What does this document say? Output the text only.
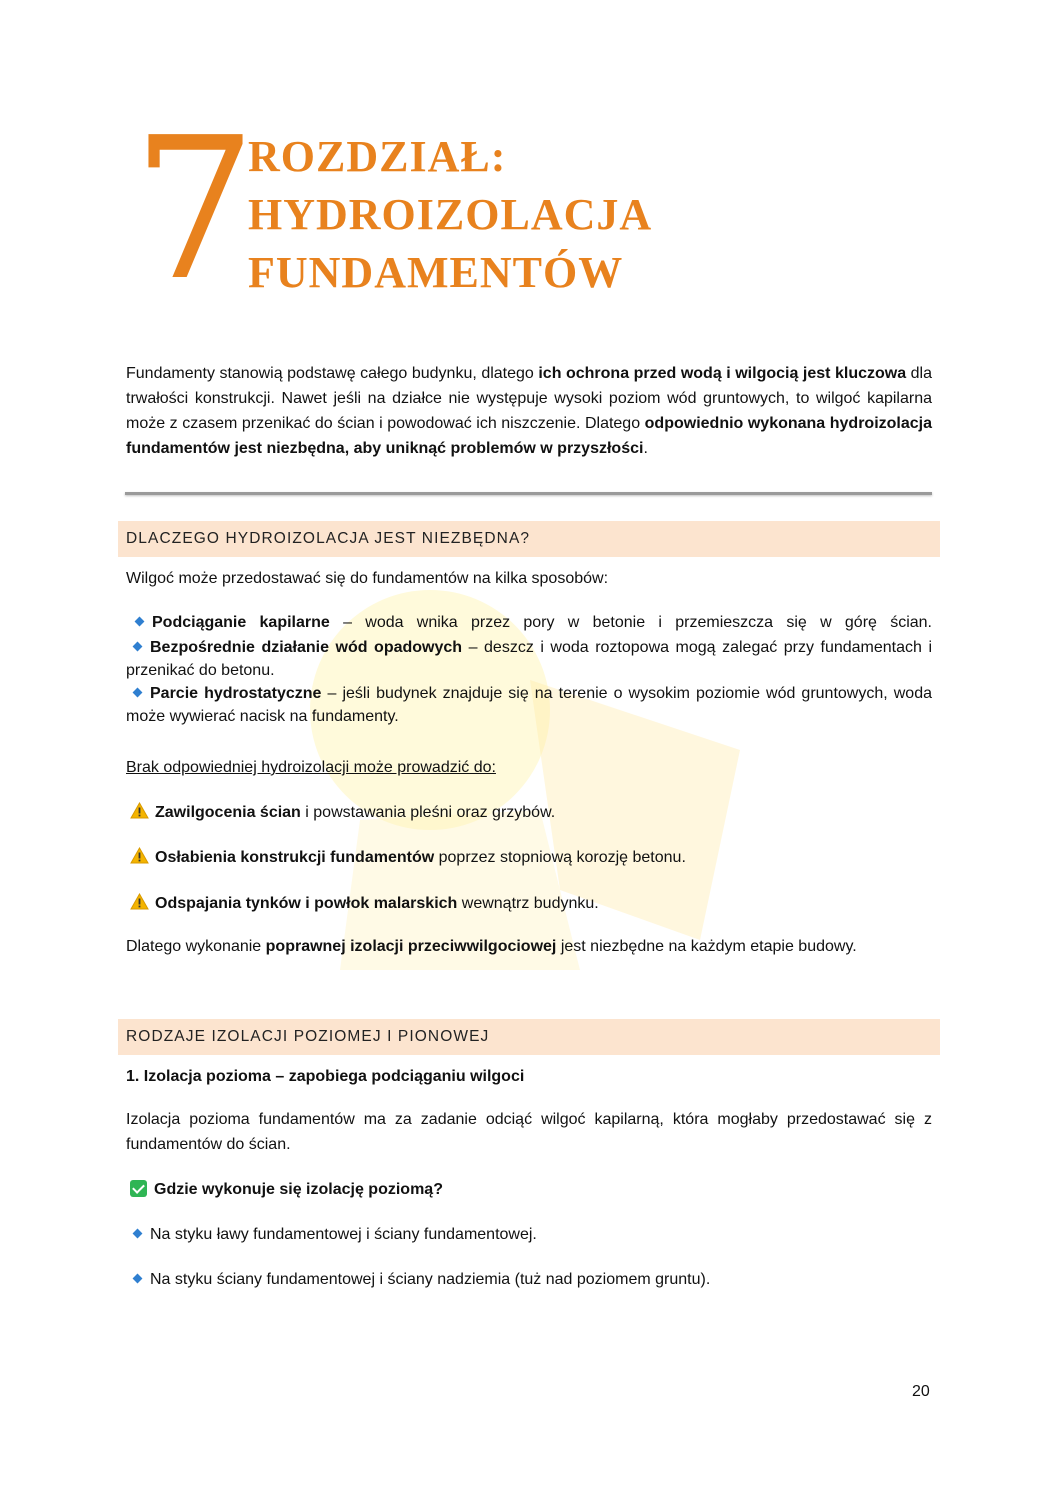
7
ROZDZIAŁ:
HYDROIZOLACJA
FUNDAMENTÓW
Fundamenty stanowią podstawę całego budynku, dlatego ich ochrona przed wodą i wilgocią jest kluczowa dla trwałości konstrukcji. Nawet jeśli na działce nie występuje wysoki poziom wód gruntowych, to wilgoć kapilarna może z czasem przenikać do ścian i powodować ich niszczenie. Dlatego odpowiednio wykonana hydroizolacja fundamentów jest niezbędna, aby uniknąć problemów w przyszłości.
DLACZEGO HYDROIZOLACJA JEST NIEZBĘDNA?
Wilgoć może przedostawać się do fundamentów na kilka sposobów:
Podciąganie kapilarne – woda wnika przez pory w betonie i przemieszcza się w górę ścian.
Bezpośrednie działanie wód opadowych – deszcz i woda roztopowa mogą zalegać przy fundamentach i przenikać do betonu.
Parcie hydrostatyczne – jeśli budynek znajduje się na terenie o wysokim poziomie wód gruntowych, woda może wywierać nacisk na fundamenty.
Brak odpowiedniej hydroizolacji może prowadzić do:
Zawilgocenia ścian i powstawania pleśni oraz grzybów.
Osłabienia konstrukcji fundamentów poprzez stopniową korozję betonu.
Odspajania tynków i powłok malarskich wewnątrz budynku.
Dlatego wykonanie poprawnej izolacji przeciwwilgociowej jest niezbędne na każdym etapie budowy.
RODZAJE IZOLACJI POZIOMEJ I PIONOWEJ
1. Izolacja pozioma – zapobiega podciąganiu wilgoci
Izolacja pozioma fundamentów ma za zadanie odciąć wilgoć kapilarną, która mogłaby przedostawać się z fundamentów do ścian.
Gdzie wykonuje się izolację poziomą?
Na styku ławy fundamentowej i ściany fundamentowej.
Na styku ściany fundamentowej i ściany nadziemia (tuż nad poziomem gruntu).
20
